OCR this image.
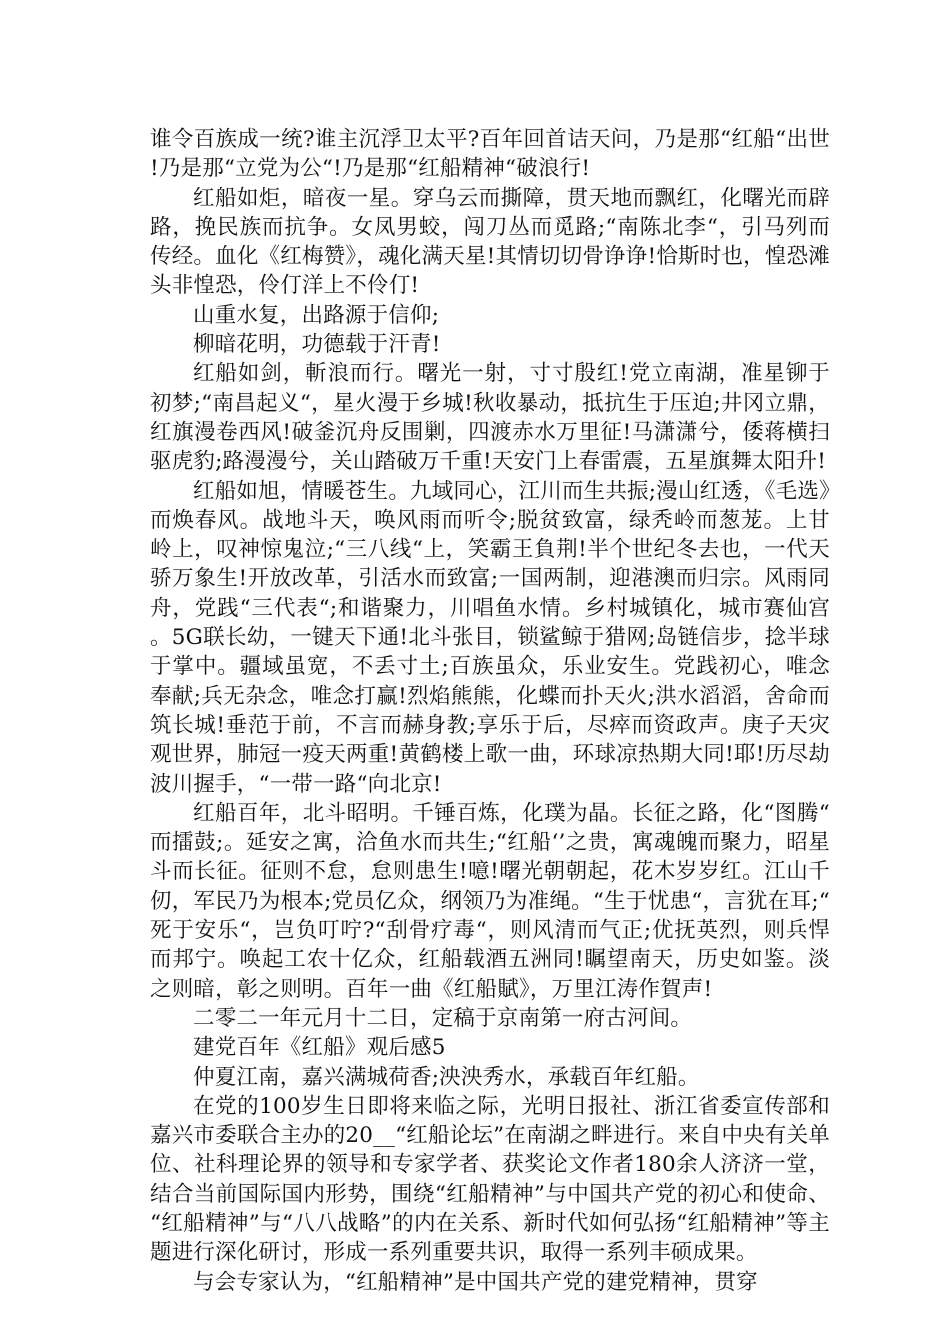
谁令百族成一统?谁主沉浮卫太平?百年回首诘天问，乃是那“红船“出世!乃是那“立党为公“!乃是那“红船精神“破浪行!

红船如炬，暗夜一星。穿乌云而撕障，贯天地而飘红，化曙光而辟路，挽民族而抗争。女凤男蛟，闯刀丛而觅路;“南陈北李“，引马列而传经。血化《红梅赞》，魂化满天星!其情切切骨诤诤!恰斯时也，惶恐滩头非惶恐，伶仃洋上不伶仃!

山重水复，出路源于信仰;

柳暗花明，功德载于汗青!

红船如剑，斬浪而行。曙光一射，寸寸殷红!党立南湖，准星铆于初梦;“南昌起义“，星火漫于乡城!秋收暴动，抵抗生于压迫;井冈立鼎，红旗漫卷西风!破釜沉舟反围剿，四渡赤水万里征!马潇潇兮，倭蒋横扫驱虎豹;路漫漫兮，关山踏破万千重!天安门上春雷震，五星旗舞太阳升!

红船如旭，情暖苍生。九域同心，江川而生共振;漫山红透，《毛选》而焕春风。战地斗天，唤风雨而听令;脱贫致富，绿秃岭而葱茏。上甘岭上，叹神惊鬼泣;“三八线“上，笑霸王負荆!半个世纪冬去也，一代天骄万象生!开放改革，引活水而致富;一国两制，迎港澳而归宗。风雨同舟，党践“三代表“;和谐聚力，川唱鱼水情。乡村城镇化，城市赛仙宫。5G联长幼，一键天下通!北斗张目，锁鲨鲸于猎网;岛链信步，捻半球于掌中。疆域虽宽，不丢寸土;百族虽众，乐业安生。党践初心，唯念奉献;兵无杂念，唯念打赢!烈焰熊熊，化蝶而扑天火;洪水滔滔，舍命而筑长城!垂范于前，不言而赫身教;享乐于后，尽瘁而资政声。庚子天灾观世界，肺冠一疫天两重!黄鹤楼上歌一曲，环球凉热期大同!耶!历尽劫波川握手，“一带一路“向北京!

红船百年，北斗昭明。千锤百炼，化璞为晶。长征之路，化“图腾“而擂鼓;。延安之寓，洽鱼水而共生;“红船‘’之贵，寓魂魄而聚力，昭星斗而长征。征则不怠，怠则患生!噫!曙光朝朝起，花木岁岁红。江山千仞，军民乃为根本;党员亿众，纲领乃为准绳。“生于忧患“，言犹在耳;“死于安乐“，岂负叮咛?“刮骨疗毒“，则风清而气正;优抚英烈，则兵悍而邦宁。唤起工农十亿众，红船载酒五洲同!瞩望南天，历史如鉴。淡之则暗，彰之则明。百年一曲《红船賦》，万里江涛作賀声!

二零二一年元月十二日，定稿于京南第一府古河间。

建党百年《红船》观后感5

仲夏江南，嘉兴满城荷香;泱泱秀水，承载百年红船。

在党的100岁生日即将来临之际，光明日报社、浙江省委宣传部和嘉兴市委联合主办的20__“红船论坛”在南湖之畔进行。来自中央有关单位、社科理论界的领导和专家学者、获奖论文作者180余人济济一堂，结合当前国际国内形势，围绕“红船精神”与中国共产党的初心和使命、“红船精神”与“八八战略”的内在关系、新时代如何弘扬“红船精神”等主题进行深化研讨，形成一系列重要共识，取得一系列丰硕成果。

与会专家认为，“红船精神”是中国共产党的建党精神，贯穿
